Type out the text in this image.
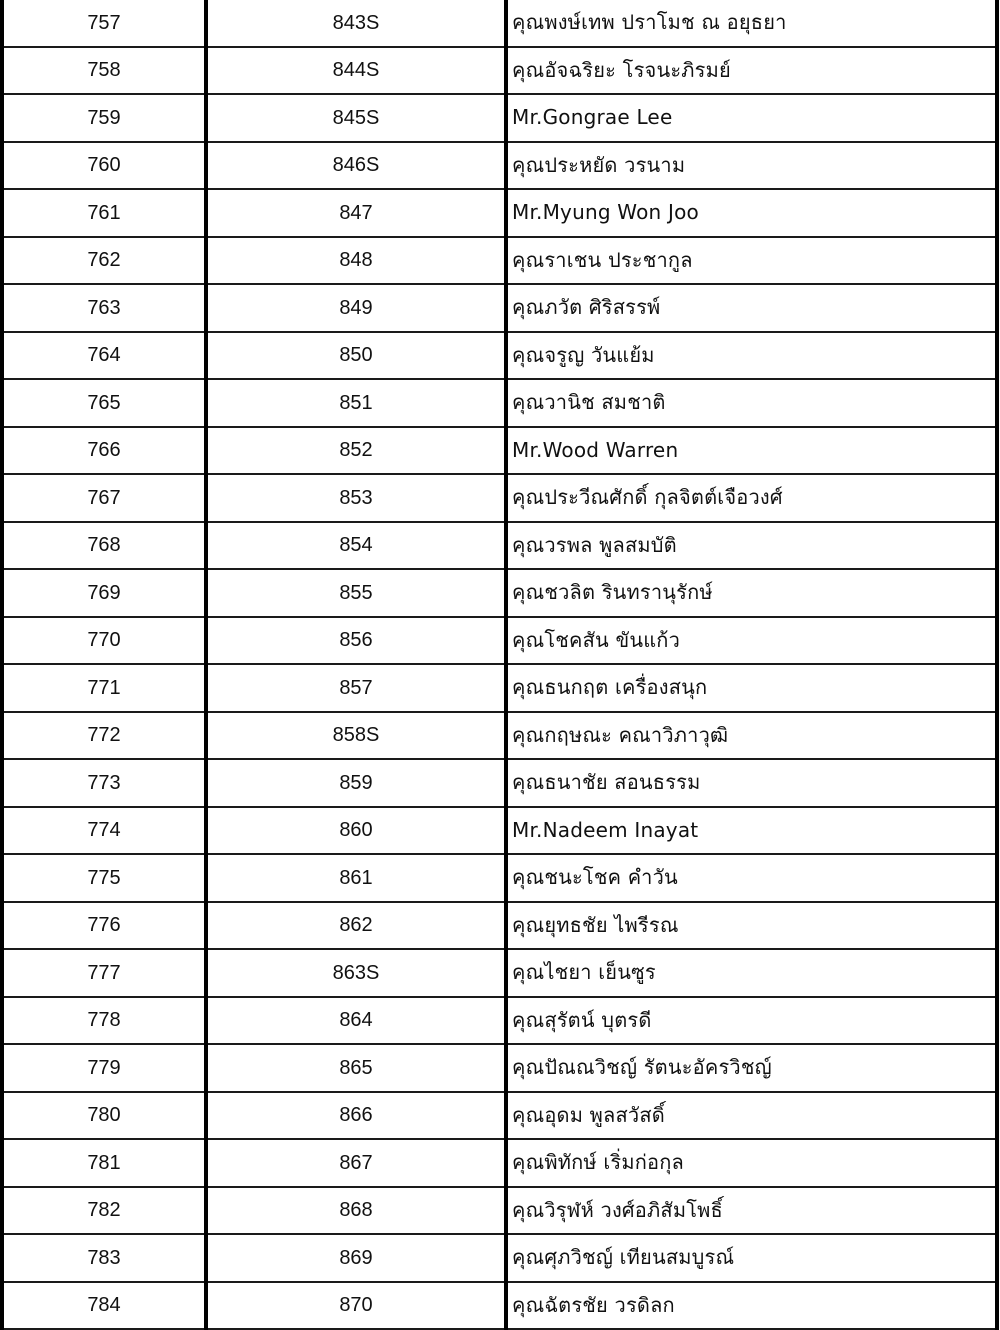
757	843S	คุณพงษ์เทพ ปราโมช ณ อยุธยา
758	844S	คุณอัจฉริยะ โรจนะภิรมย์
759	845S	Mr.Gongrae Lee
760	846S	คุณประหยัด วรนาม
761	847	Mr.Myung Won Joo
762	848	คุณราเชน ประชากูล
763	849	คุณภวัต ศิริสรรพ์
764	850	คุณจรูญ วันแย้ม
765	851	คุณวานิช สมชาติ
766	852	Mr.Wood Warren
767	853	คุณประวีณศักดิ์ กุลจิตต์เจือวงศ์
768	854	คุณวรพล พูลสมบัติ
769	855	คุณชวลิต รินทรานุรักษ์
770	856	คุณโชคสัน ขันแก้ว
771	857	คุณธนกฤต เครื่องสนุก
772	858S	คุณกฤษณะ คณาวิภาวุฒิ
773	859	คุณธนาชัย สอนธรรม
774	860	Mr.Nadeem Inayat
775	861	คุณชนะโชค คำวัน
776	862	คุณยุทธชัย ไพรีรณ
777	863S	คุณไชยา เย็นซูร
778	864	คุณสุรัตน์ บุตรดี
779	865	คุณปัณณวิชญ์ รัตนะอัครวิชญ์
780	866	คุณอุดม พูลสวัสดิ์
781	867	คุณพิทักษ์ เริ่มก่อกุล
782	868	คุณวิรุฬห์ วงศ์อภิสัมโพธิ์
783	869	คุณศุภวิชญ์ เทียนสมบูรณ์
784	870	คุณฉัตรชัย วรดิลก
